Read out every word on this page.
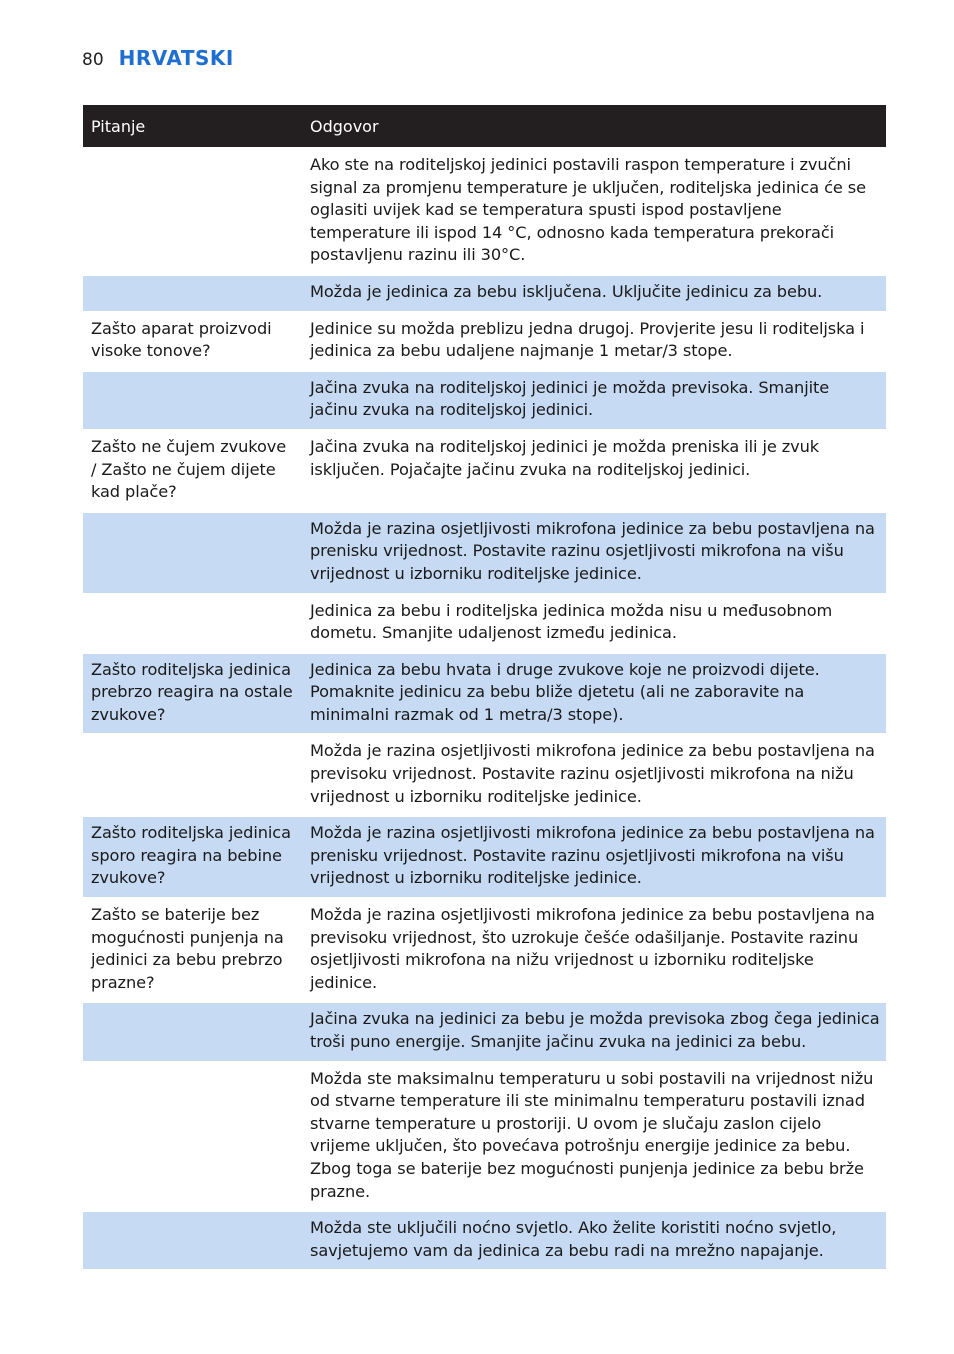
80 HRVATSKI
Pitanje	Odgovor
	Ako ste na roditeljskoj jedinici postavili raspon temperature i zvučni signal za promjenu temperature je uključen, roditeljska jedinica će se oglasiti uvijek kad se temperatura spusti ispod postavljene temperature ili ispod 14 °C, odnosno kada temperatura prekorači postavljenu razinu ili 30°C.
	Možda je jedinica za bebu isključena. Uključite jedinicu za bebu.
Zašto aparat proizvodi visoke tonove?	Jedinice su možda preblizu jedna drugoj. Provjerite jesu li roditeljska i jedinica za bebu udaljene najmanje 1 metar/3 stope.
	Jačina zvuka na roditeljskoj jedinici je možda previsoka. Smanjite jačinu zvuka na roditeljskoj jedinici.
Zašto ne čujem zvukove / Zašto ne čujem dijete kad plače?	Jačina zvuka na roditeljskoj jedinici je možda preniska ili je zvuk isključen. Pojačajte jačinu zvuka na roditeljskoj jedinici.
	Možda je razina osjetljivosti mikrofona jedinice za bebu postavljena na prenisku vrijednost. Postavite razinu osjetljivosti mikrofona na višu vrijednost u izborniku roditeljske jedinice.
	Jedinica za bebu i roditeljska jedinica možda nisu u međusobnom dometu. Smanjite udaljenost između jedinica.
Zašto roditeljska jedinica prebrzo reagira na ostale zvukove?	Jedinica za bebu hvata i druge zvukove koje ne proizvodi dijete. Pomaknite jedinicu za bebu bliže djetetu (ali ne zaboravite na minimalni razmak od 1 metra/3 stope).
	Možda je razina osjetljivosti mikrofona jedinice za bebu postavljena na previsoku vrijednost. Postavite razinu osjetljivosti mikrofona na nižu vrijednost u izborniku roditeljske jedinice.
Zašto roditeljska jedinica sporo reagira na bebine zvukove?	Možda je razina osjetljivosti mikrofona jedinice za bebu postavljena na prenisku vrijednost. Postavite razinu osjetljivosti mikrofona na višu vrijednost u izborniku roditeljske jedinice.
Zašto se baterije bez mogućnosti punjenja na jedinici za bebu prebrzo prazne?	Možda je razina osjetljivosti mikrofona jedinice za bebu postavljena na previsoku vrijednost, što uzrokuje češće odašiljanje. Postavite razinu osjetljivosti mikrofona na nižu vrijednost u izborniku roditeljske jedinice.
	Jačina zvuka na jedinici za bebu je možda previsoka zbog čega jedinica troši puno energije. Smanjite jačinu zvuka na jedinici za bebu.
	Možda ste maksimalnu temperaturu u sobi postavili na vrijednost nižu od stvarne temperature ili ste minimalnu temperaturu postavili iznad stvarne temperature u prostoriji. U ovom je slučaju zaslon cijelo vrijeme uključen, što povećava potrošnju energije jedinice za bebu. Zbog toga se baterije bez mogućnosti punjenja jedinice za bebu brže prazne.
	Možda ste uključili noćno svjetlo. Ako želite koristiti noćno svjetlo, savjetujemo vam da jedinica za bebu radi na mrežno napajanje.
